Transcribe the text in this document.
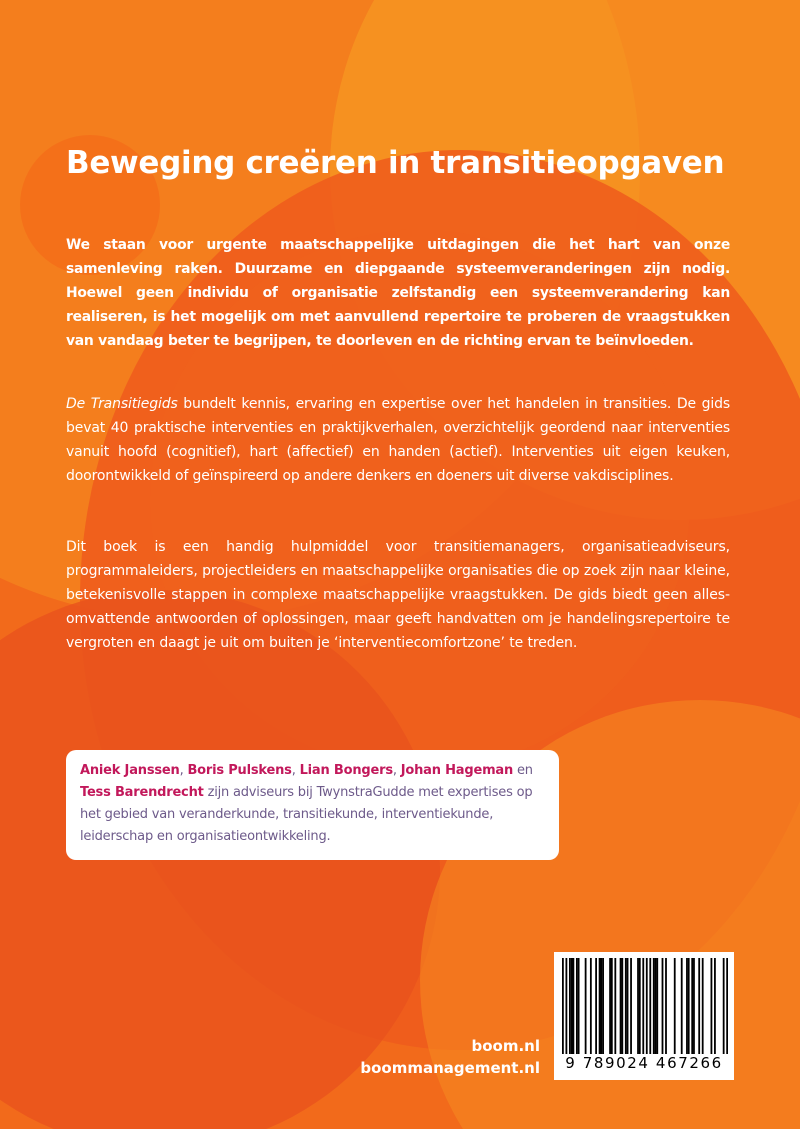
Beweging creëren in transitieopgaven

We staan voor urgente maatschappelijke uitdagingen die het hart van onze samenleving raken. Duurzame en diepgaande systeemveranderingen zijn nodig. Hoewel geen individu of organisatie zelfstandig een systeemverandering kan realiseren, is het mogelijk om met aanvullend repertoire te proberen de vraagstukken van vandaag beter te begrijpen, te doorleven en de richting ervan te beïnvloeden.

De Transitiegids bundelt kennis, ervaring en expertise over het handelen in transities. De gids bevat 40 praktische interventies en praktijkverhalen, overzichtelijk geordend naar interventies vanuit hoofd (cognitief), hart (affectief) en handen (actief). Interventies uit eigen keuken, doorontwikkeld of geïnspireerd op andere denkers en doeners uit diverse vakdisciplines.

Dit boek is een handig hulpmiddel voor transitiemanagers, organisatieadviseurs, programmaleiders, projectleiders en maatschappelijke organisaties die op zoek zijn naar kleine, betekenisvolle stappen in complexe maatschappelijke vraagstukken. De gids biedt geen allesomvattende antwoorden of oplossingen, maar geeft handvatten om je handelingsrepertoire te vergroten en daagt je uit om buiten je ‘interventiecomfortzone’ te treden.

Aniek Janssen, Boris Pulskens, Lian Bongers, Johan Hageman en Tess Barendrecht zijn adviseurs bij TwynstraGudde met expertises op het gebied van veranderkunde, transitiekunde, interventiekunde, leiderschap en organisatieontwikkeling.

9 789024 467266
boom.nl
boommanagement.nl
